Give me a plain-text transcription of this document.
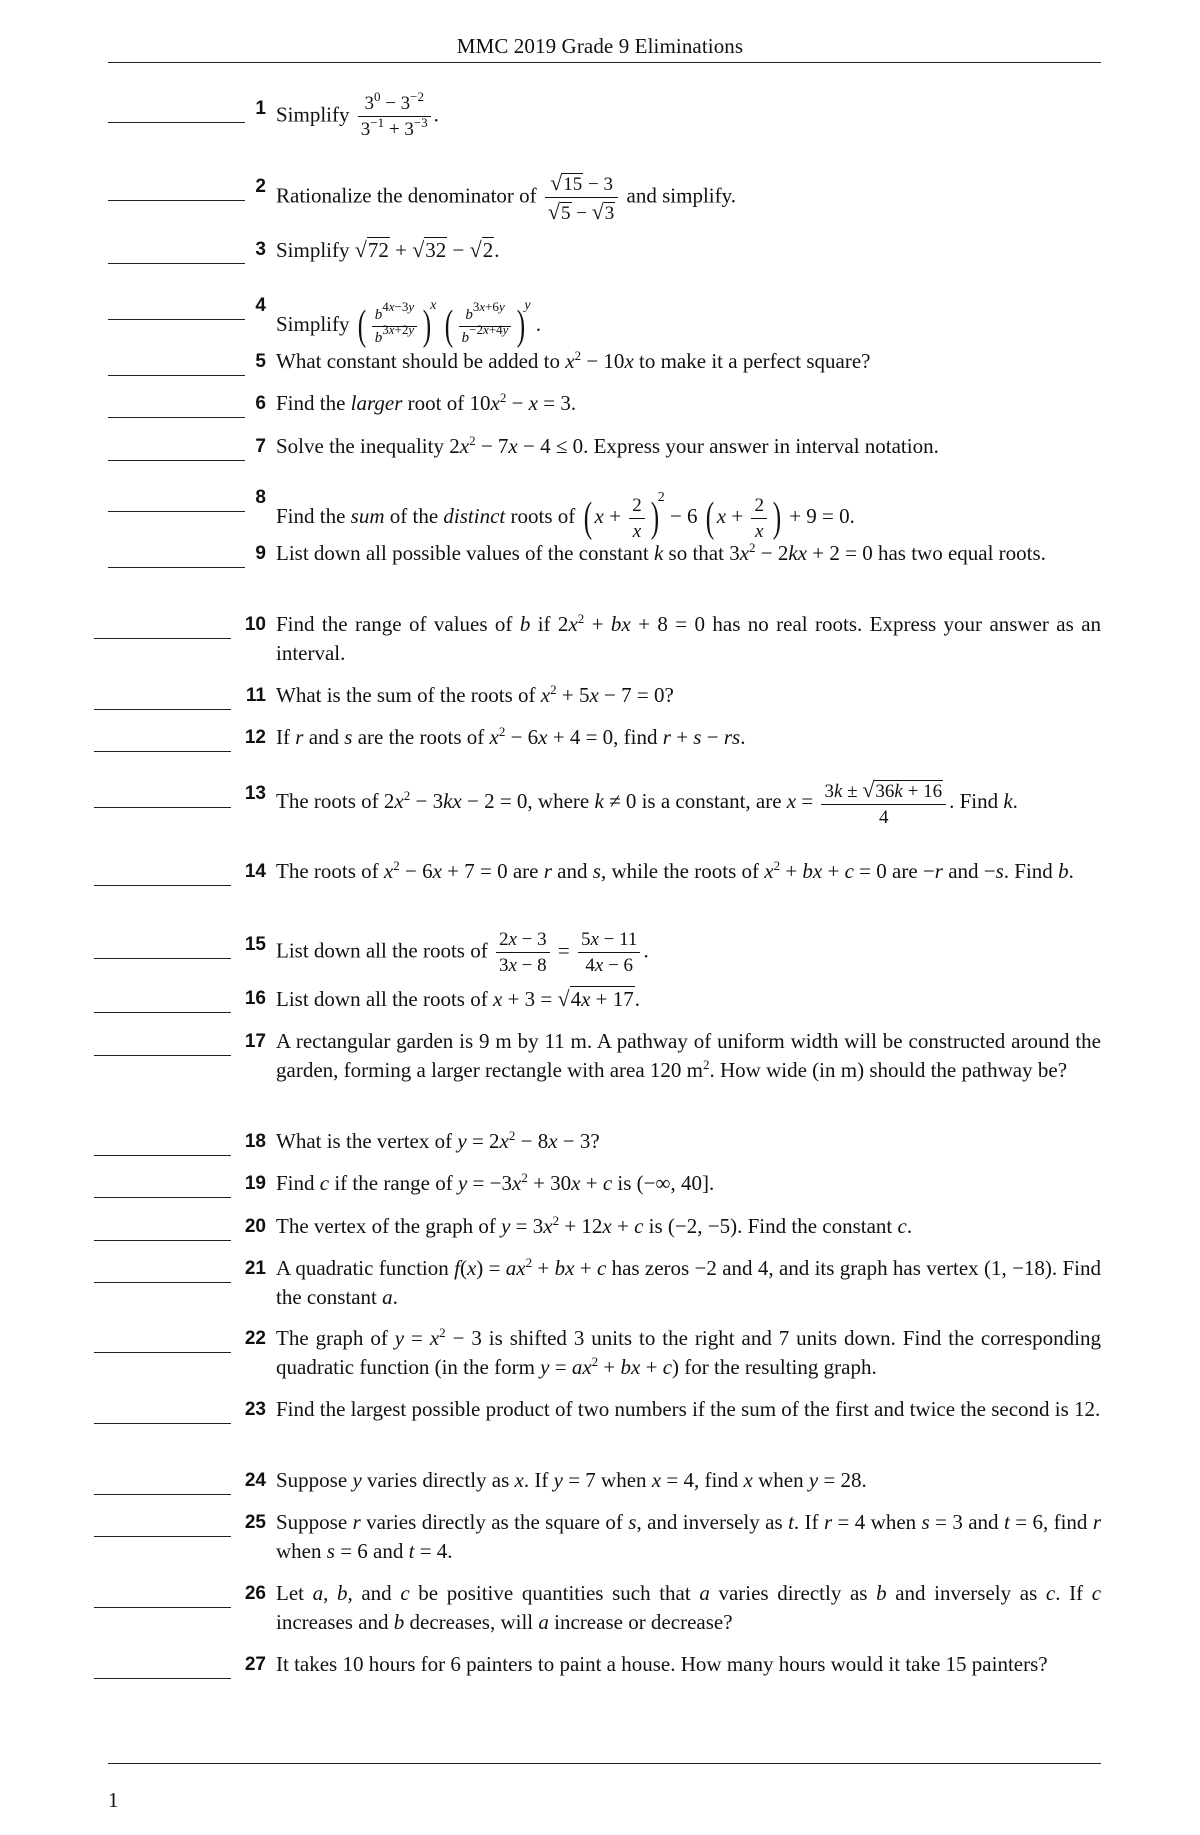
MMC 2019 Grade 9 Eliminations
1 Simplify $\frac{3^0 - 3^{-2}}{3^{-1} + 3^{-3}}$ .
2 Rationalize the denominator of $\frac{√15 - 3}{√5 - √3}$ and simplify.
3 Simplify √72 + √32 − √2.
4
Simplify ( $\frac{b^{4x-3y}}{b^{3x+2y}} )^x$ ( $\frac{b^{3x+6y}}{b^{-2x+4y}} )^y$ .
5 What constant should be added to $x^2 - 10x$ to make it a perfect square?
6 Find the larger root of $10x^2 - x = 3$.
7 Solve the inequality $2x^2 - 7x - 4 \le 0$. Express your answer in interval notation.
8
Find the sum of the distinct roots of ( $x + \frac{2}{x} )^2 - 6$ ( $x + \frac{2}{x}$ ) + 9 = 0.
9 List down all possible values of the constant k so that $3x^2 - 2kx + 2 = 0$ has two equal roots.
10 Find the range of values of b if $2x^2$ + bx + 8 = 0 has no real roots. Express your answer as an interval.
11 What is the sum of the roots of $x^2 + 5x - 7 = 0$?
12 If r and s are the roots of $x^2 - 6x + 4 = 0$, find r + s − rs.
13 The roots of $2x^2 - 3kx - 2 = 0$, where k ≠ 0 is a constant, are $x = \frac{3k \pm √36k + 16}{4}$ . Find k.
14 The roots of $x^2 - 6x + 7 = 0$ are r and s, while the roots of $x^2$ + bx + c = 0 are −r and −s. Find b.
15 List down all the roots of $\frac{2x - 3}{3x - 8} = \frac{5x - 11}{4x - 6}$ .
16 List down all the roots of x + 3 = √4x + 17.
17 A rectangular garden is 9 m by 11 m. A pathway of uniform width will be constructed around the garden, forming a larger rectangle with area 120 $m^2$. How wide (in m) should the pathway be?
18 What is the vertex of $y = 2x^2 - 8x - 3$?
19 Find c if the range of $y = -3x^2 + 30x + c$ is (−∞, 40].
20 The vertex of the graph of $y = 3x^2 + 12x + c$ is (−2, −5). Find the constant c.
21 A quadratic function $f(x) = ax^2$ + bx + c has zeros −2 and 4, and its graph has vertex (1, −18). Find the constant a.
22 The graph of $y = x^2 - 3$ is shifted 3 units to the right and 7 units down. Find the corresponding quadratic function (in the form $y = ax^2$ + bx + c) for the resulting graph.
23 Find the largest possible product of two numbers if the sum of the first and twice the second is 12.
24 Suppose y varies directly as x. If y = 7 when x = 4, find x when y = 28.
25 Suppose r varies directly as the square of s, and inversely as t. If r = 4 when s = 3 and t = 6, find r when s = 6 and t = 4.
26 Let a, b, and c be positive quantities such that a varies directly as b and inversely as c. If c increases and b decreases, will a increase or decrease?
27 It takes 10 hours for 6 painters to paint a house. How many hours would it take 15 painters?
1
